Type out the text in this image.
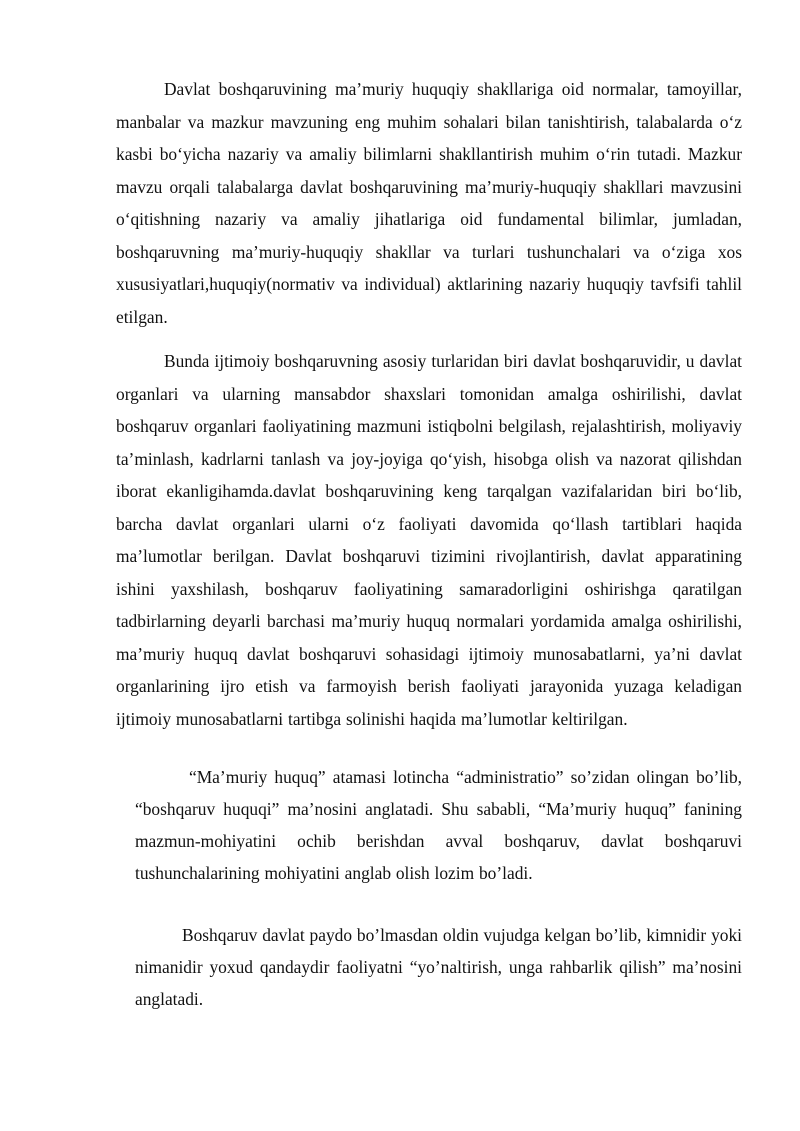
Davlat boshqaruvining ma’muriy huquqiy shakllariga oid normalar, tamoyillar, manbalar va mazkur mavzuning eng muhim sohalari bilan tanishtirish, talabalarda o‘z kasbi bo‘yicha nazariy va amaliy bilimlarni shakllantirish muhim o‘rin tutadi. Mazkur mavzu orqali talabalarga davlat boshqaruvining ma’muriy-huquqiy shakllari mavzusini o‘qitishning nazariy va amaliy jihatlariga oid fundamental bilimlar, jumladan, boshqaruvning ma’muriy-huquqiy shakllar va turlari tushunchalari va o‘ziga xos xususiyatlari,huquqiy(normativ va individual) aktlarining nazariy huquqiy tavfsifi tahlil etilgan.

Bunda ijtimoiy boshqaruvning asosiy turlaridan biri davlat boshqaruvidir, u davlat organlari va ularning mansabdor shaxslari tomonidan amalga oshirilishi, davlat boshqaruv organlari faoliyatining mazmuni istiqbolni belgilash, rejalashtirish, moliyaviy ta’minlash, kadrlarni tanlash va joy-joyiga qo‘yish, hisobga olish va nazorat qilishdan iborat ekanligihamda.davlat boshqaruvining keng tarqalgan vazifalaridan biri bo‘lib, barcha davlat organlari ularni o‘z faoliyati davomida qo‘llash tartiblari haqida ma’lumotlar berilgan. Davlat boshqaruvi tizimini rivojlantirish, davlat apparatining ishini yaxshilash, boshqaruv faoliyatining samaradorligini oshirishga qaratilgan tadbirlarning deyarli barchasi ma’muriy huquq normalari yordamida amalga oshirilishi, ma’muriy huquq davlat boshqaruvi sohasidagi ijtimoiy munosabatlarni, ya’ni davlat organlarining ijro etish va farmoyish berish faoliyati jarayonida yuzaga keladigan ijtimoiy munosabatlarni tartibga solinishi haqida ma’lumotlar keltirilgan.

“Ma’muriy huquq” atamasi lotincha “administratio” so’zidan olingan bo’lib, “boshqaruv huquqi” ma’nosini anglatadi. Shu sababli, “Ma’muriy huquq” fanining mazmun-mohiyatini ochib berishdan avval boshqaruv, davlat boshqaruvi tushunchalarining mohiyatini anglab olish lozim bo’ladi.

Boshqaruv davlat paydo bo’lmasdan oldin vujudga kelgan bo’lib, kimnidir yoki nimanidir yoxud qandaydir faoliyatni “yo’naltirish, unga rahbarlik qilish” ma’nosini anglatadi.
